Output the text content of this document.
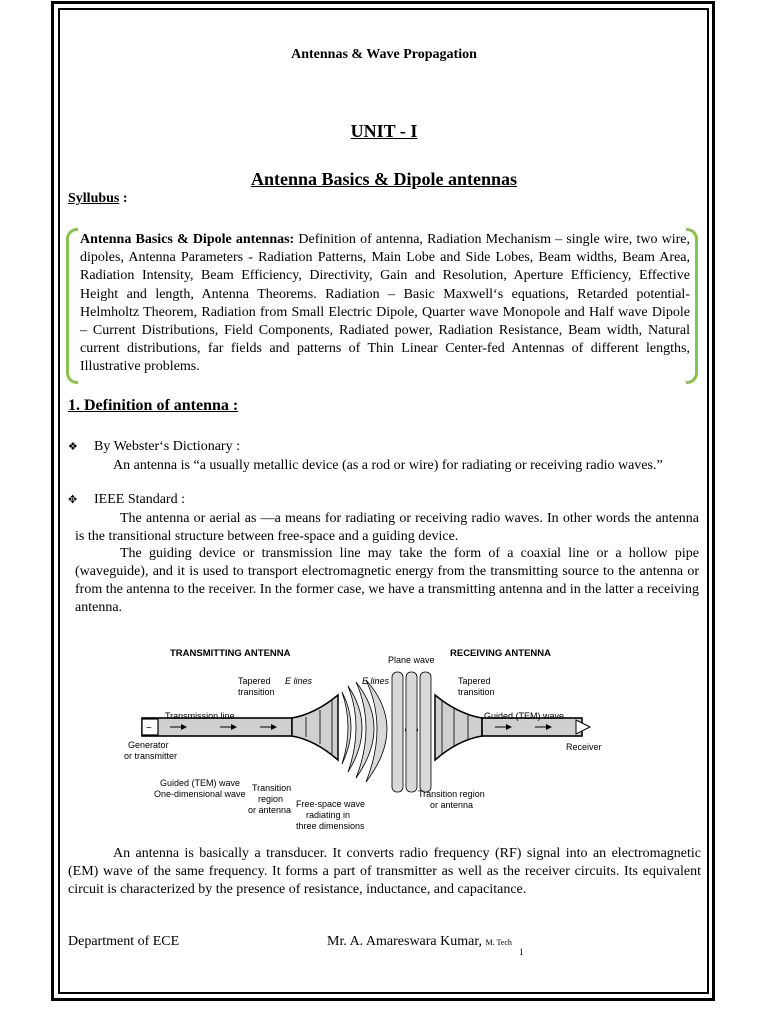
Antennas & Wave Propagation
UNIT - I
Antenna Basics & Dipole antennas
Syllubus :
Antenna Basics & Dipole antennas: Definition of antenna, Radiation Mechanism – single wire, two wire, dipoles, Antenna Parameters - Radiation Patterns, Main Lobe and Side Lobes, Beam widths, Beam Area, Radiation Intensity, Beam Efficiency, Directivity, Gain and Resolution, Aperture Efficiency, Effective Height and length, Antenna Theorems. Radiation – Basic Maxwell‘s equations, Retarded potential-Helmholtz Theorem, Radiation from Small Electric Dipole, Quarter wave Monopole and Half wave Dipole – Current Distributions, Field Components, Radiated power, Radiation Resistance, Beam width, Natural current distributions, far fields and patterns of Thin Linear Center-fed Antennas of different lengths, Illustrative problems.
1. Definition of antenna :
❖ By Webster‘s Dictionary :
An antenna is “a usually metallic device (as a rod or wire) for radiating or receiving radio waves.”
✥ IEEE Standard :
The antenna or aerial as ―a means for radiating or receiving radio waves. In other words the antenna is the transitional structure between free-space and a guiding device.
The guiding device or transmission line may take the form of a coaxial line or a hollow pipe (waveguide), and it is used to transport electromagnetic energy from the transmitting source to the antenna or from the antenna to the receiver. In the former case, we have a transmitting antenna and in the latter a receiving antenna.
TRANSMITTING ANTENNA	RECEIVING ANTENNA
Plane wave
~
Tapered
transition
E lines	E lines	Tapered
transition
Transmission line	Guided (TEM) wave
Generator
or transmitter
Receiver
Guided (TEM) wave
One-dimensional wave
Transition
region
or antenna
Free-space wave
radiating in
three dimensions
Transition region
or antenna
An antenna is basically a transducer. It converts radio frequency (RF) signal into an electromagnetic (EM) wave of the same frequency. It forms a part of transmitter as well as the receiver circuits. Its equivalent circuit is characterized by the presence of resistance, inductance, and capacitance.
Department of ECE	Mr. A. Amareswara Kumar, M. Tech
1
